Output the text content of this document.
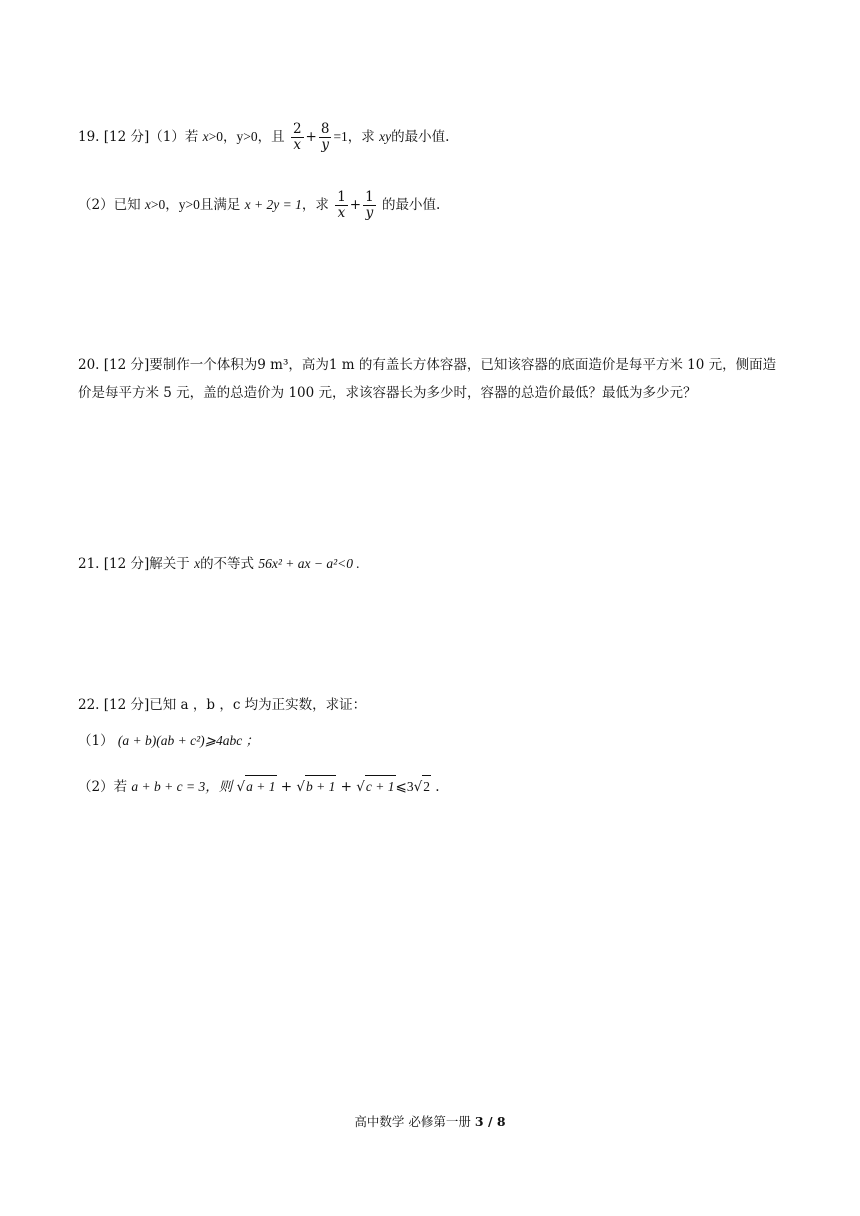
19. [12 分]（1）若 x>0，y>0，且 $\frac{2}{x} + \frac{8}{y} =1$，求 xy的最小值.
（2）已知 x>0，y>0且满足 x + 2y = 1，求 $\frac{1}{x} + \frac{1}{y}$ 的最小值.
20. [12 分]要制作一个体积为9 m³，高为1 m 的有盖长方体容器，已知该容器的底面造价是每平方米 10 元，侧面造价是每平方米 5 元，盖的总造价为 100 元，求该容器长为多少时，容器的总造价最低？最低为多少元？
21. [12 分]解关于 x的不等式 56x² + ax − a²<0 .
22. [12 分]已知 a ，b ，c 均为正实数，求证：
（1） (a + b)(ab + c²)⩾4abc ；
（2）若 a + b + c = 3，则 √a + 1 + √b + 1 + √c + 1⩽3√2 .
高中数学 必修第一册 3 / 8
